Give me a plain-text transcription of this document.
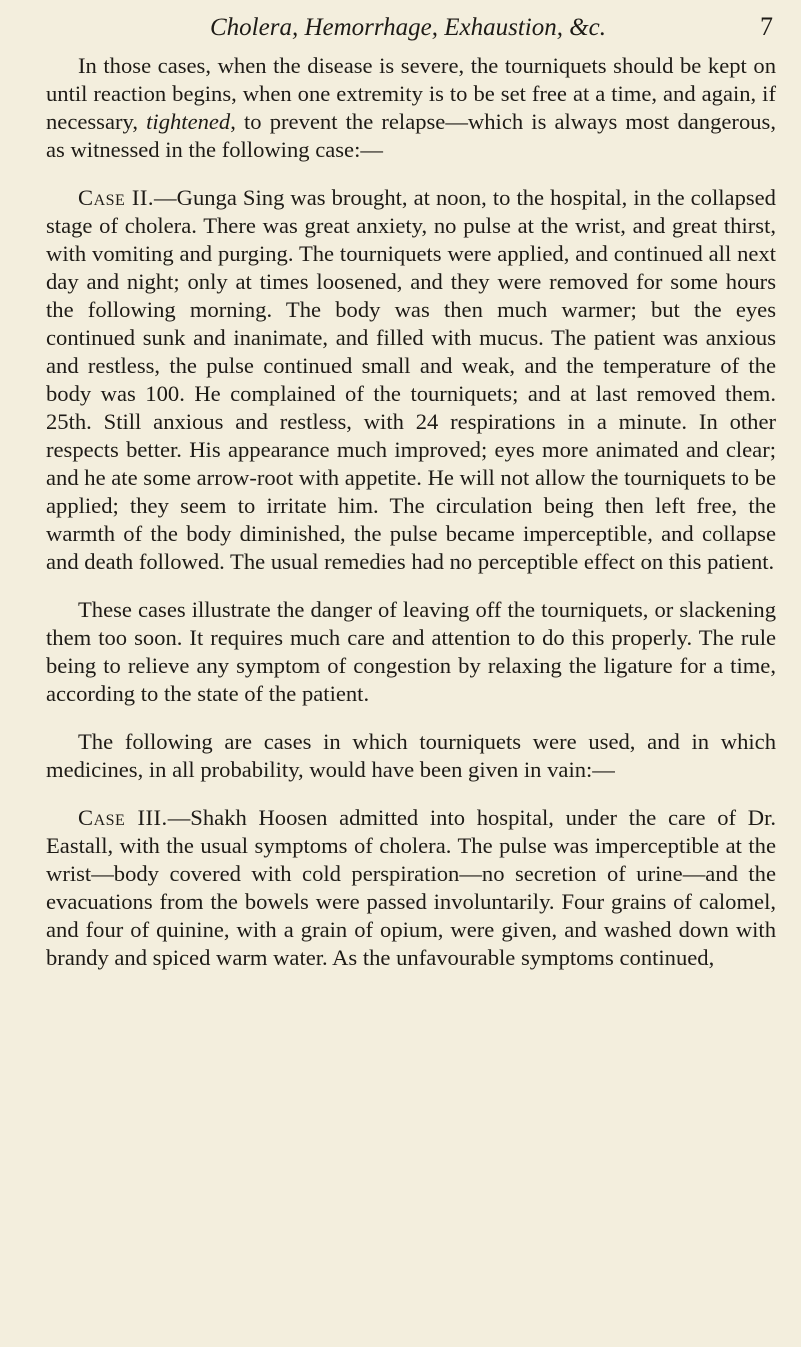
Cholera, Hemorrhage, Exhaustion, &c.	7

In those cases, when the disease is severe, the tourniquets should be kept on until reaction begins, when one extremity is to be set free at a time, and again, if necessary, tightened, to prevent the relapse—which is always most dangerous, as witnessed in the following case:—

Case II.—Gunga Sing was brought, at noon, to the hospital, in the collapsed stage of cholera. There was great anxiety, no pulse at the wrist, and great thirst, with vomiting and purging. The tourniquets were applied, and continued all next day and night; only at times loosened, and they were removed for some hours the following morning. The body was then much warmer; but the eyes continued sunk and inanimate, and filled with mucus. The patient was anxious and restless, the pulse continued small and weak, and the temperature of the body was 100. He complained of the tourniquets; and at last removed them. 25th. Still anxious and restless, with 24 respirations in a minute. In other respects better. His appearance much improved; eyes more animated and clear; and he ate some arrow-root with appetite. He will not allow the tourniquets to be applied; they seem to irritate him. The circulation being then left free, the warmth of the body diminished, the pulse became imperceptible, and collapse and death followed. The usual remedies had no perceptible effect on this patient.

These cases illustrate the danger of leaving off the tourniquets, or slackening them too soon. It requires much care and attention to do this properly. The rule being to relieve any symptom of congestion by relaxing the ligature for a time, according to the state of the patient.

The following are cases in which tourniquets were used, and in which medicines, in all probability, would have been given in vain:—

Case III.—Shakh Hoosen admitted into hospital, under the care of Dr. Eastall, with the usual symptoms of cholera. The pulse was imperceptible at the wrist—body covered with cold perspiration—no secretion of urine—and the evacuations from the bowels were passed involuntarily. Four grains of calomel, and four of quinine, with a grain of opium, were given, and washed down with brandy and spiced warm water. As the unfavourable symptoms continued,
